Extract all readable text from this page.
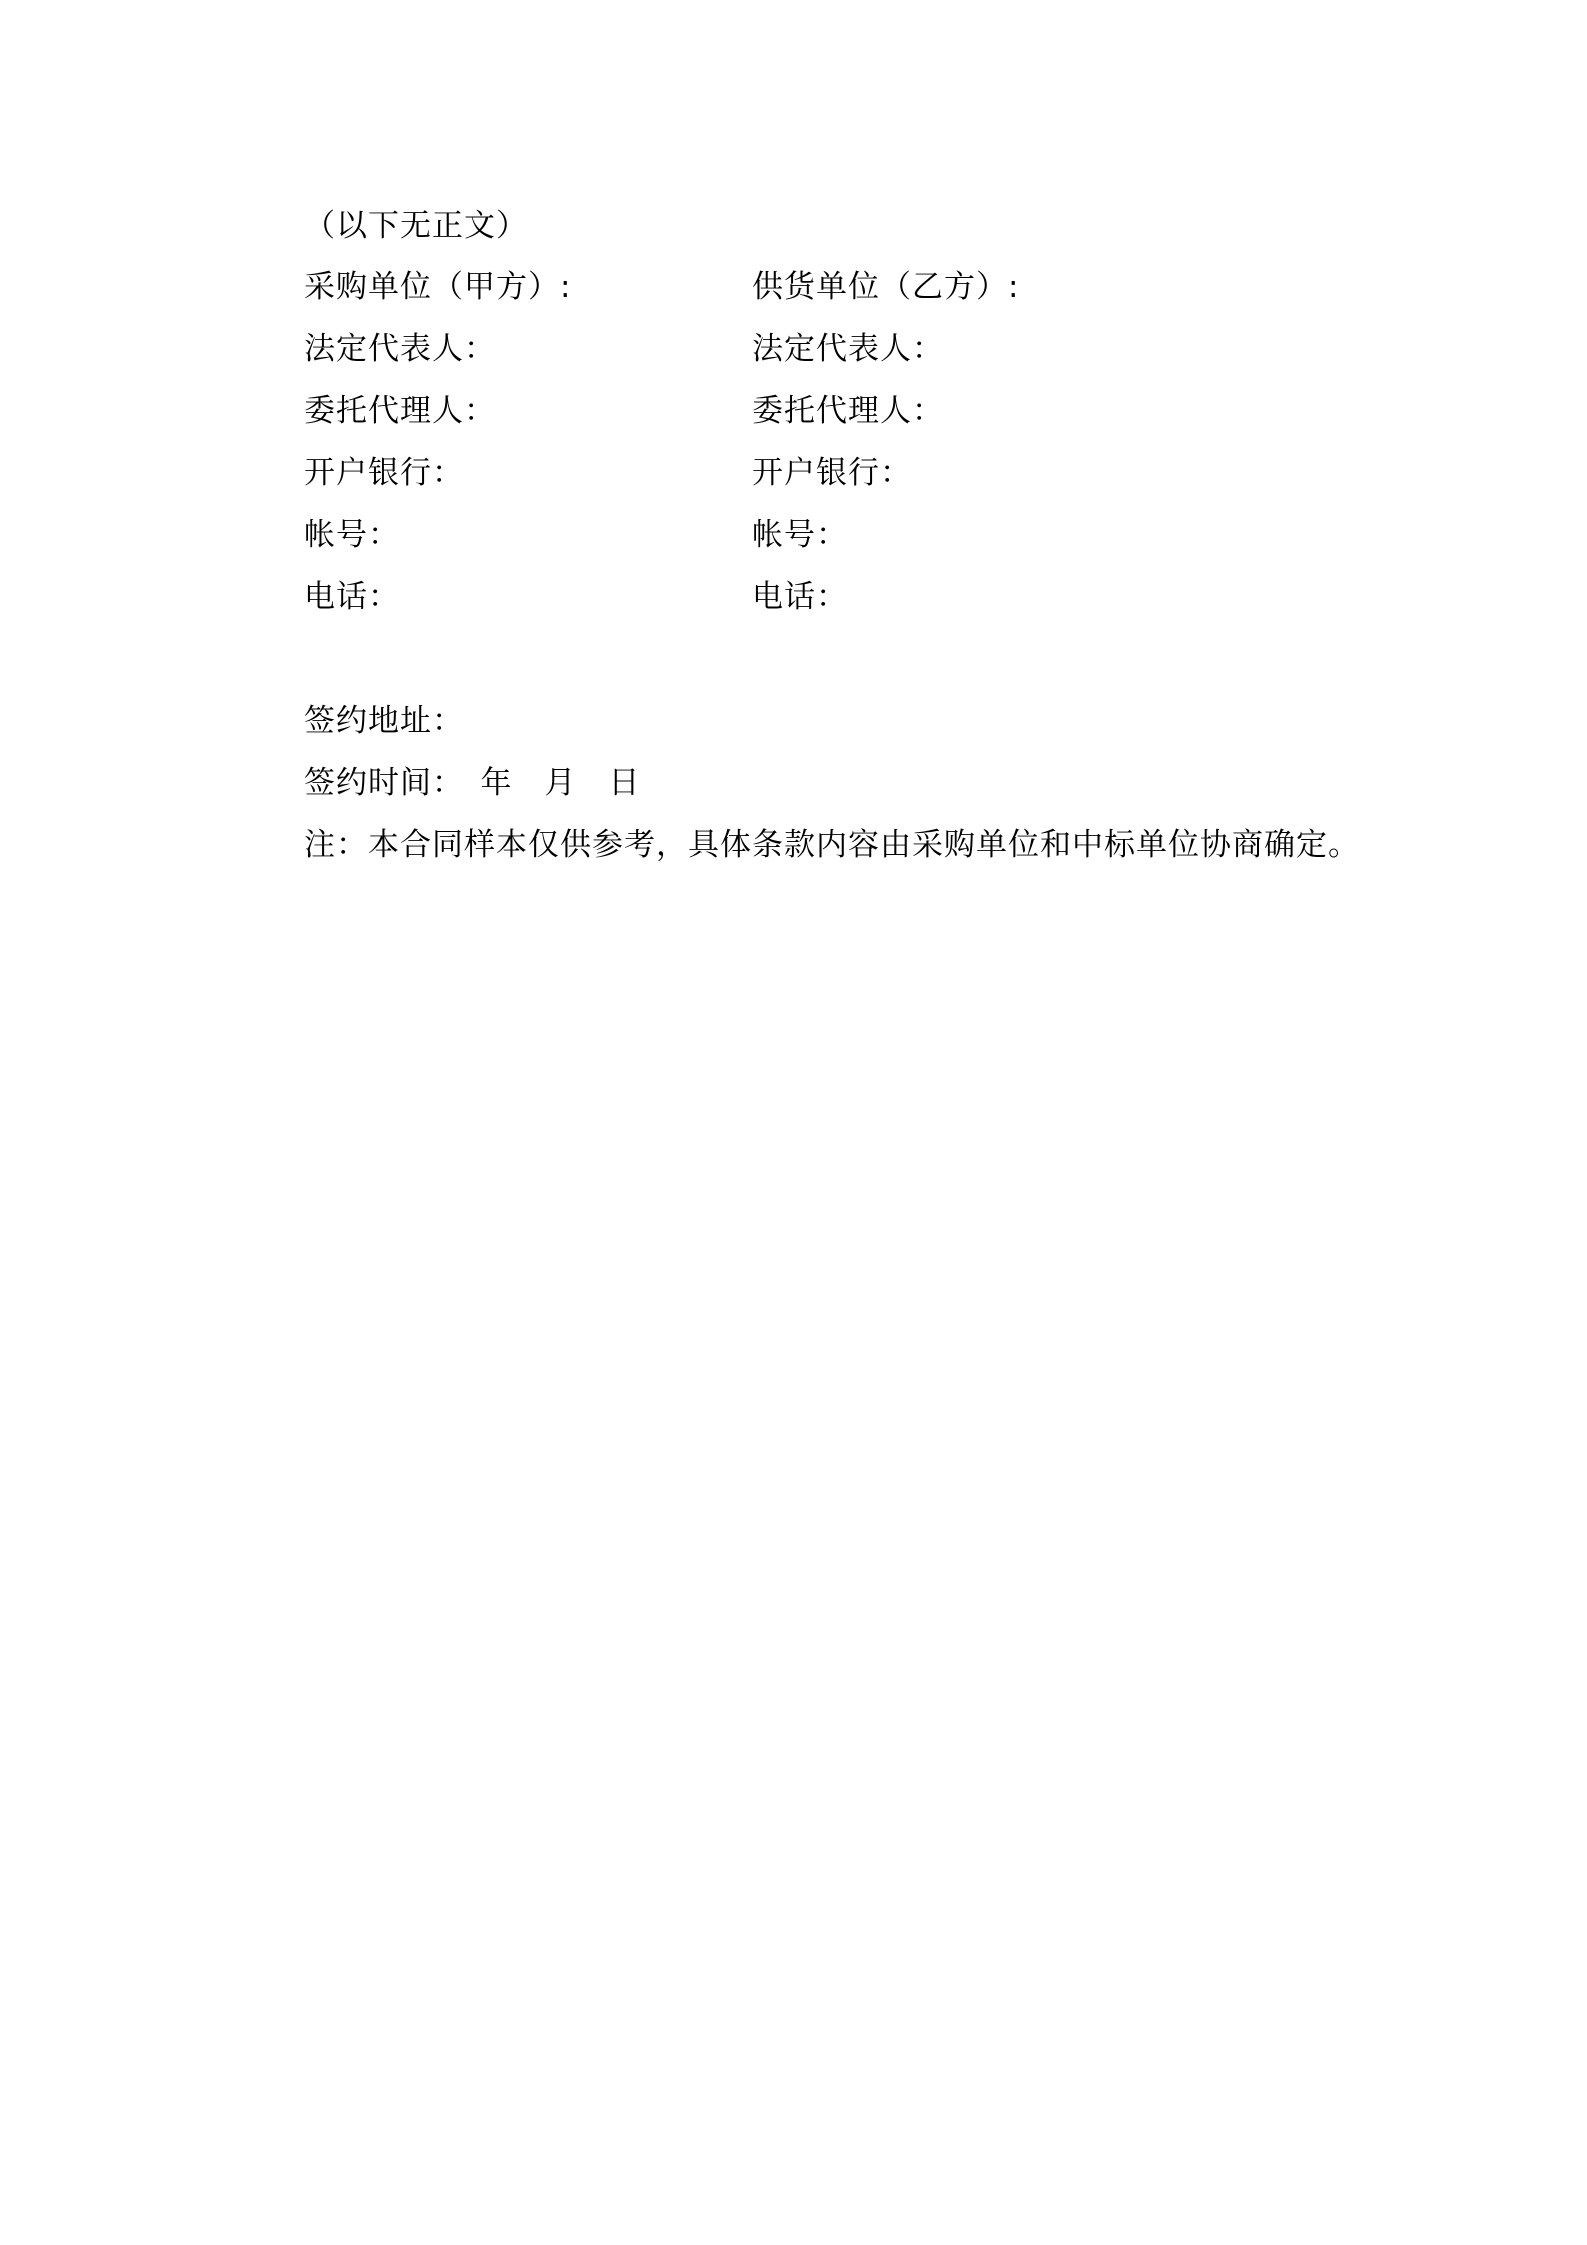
（以下无正文）
采购单位（甲方）:	供货单位（乙方）:
法定代表人：	法定代表人：
委托代理人：	委托代理人：
开户银行：	开户银行：
帐号：	帐号：
电话：	电话：
签约地址：
签约时间：　年　月　日
注：本合同样本仅供参考，具体条款内容由采购单位和中标单位协商确定。
